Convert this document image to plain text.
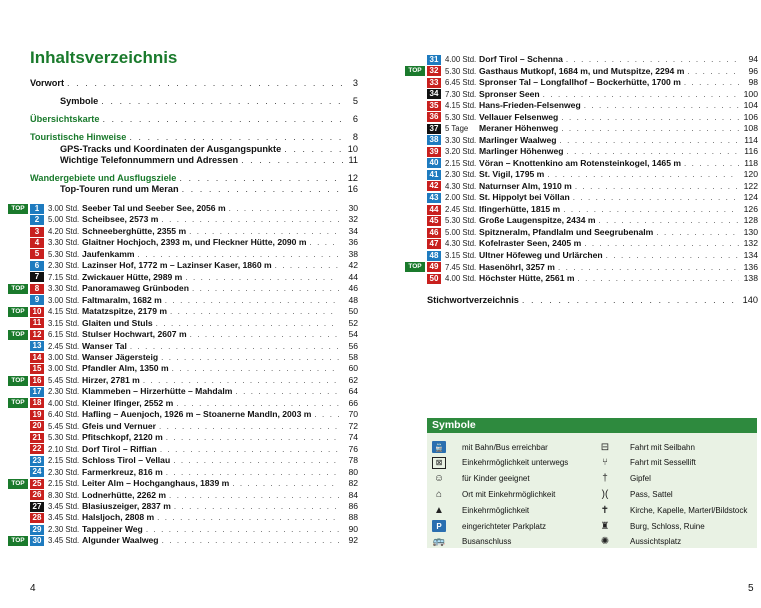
Inhaltsverzeichnis
Vorwort . . .	3
Symbole . . .	5
Übersichtskarte . . .	6
Touristische Hinweise . . .	8
GPS-Tracks und Koordinaten der Ausgangspunkte . . .	10
Wichtige Telefonnummern und Adressen . . .	11
Wandergebiete und Ausflugsziele . . .	12
Top-Touren rund um Meran . . .	16
TOP	1	3.00 Std. Seeber Tal und Seeber See, 2056 m . . .	30
2	5.00 Std. Scheibsee, 2573 m . . .	32
3	4.20 Std. Schneeberghütte, 2355 m . . .	34
4	3.30 Std. Glaitner Hochjoch, 2393 m, und Fleckner Hütte, 2090 m . . .	36
5	5.30 Std. Jaufenkamm . . .	38
6	2.30 Std. Lazinser Hof, 1772 m – Lazinser Kaser, 1860 m . . .	42
7	7.15 Std. Zwickauer Hütte, 2989 m . . .	44
TOP	8	3.30 Std. Panoramaweg Grünboden . . .	46
9	3.00 Std. Faltmaralm, 1682 m . . .	48
TOP 10 4.15 Std. Matatzspitze, 2179 m . . .	50
11 3.15 Std. Glaiten und Stuls . . .	52
TOP 12 6.15 Std. Stulser Hochwart, 2607 m . . .	54
13 2.45 Std. Wanser Tal . . .	56
14 3.00 Std. Wanser Jägersteig . . .	58
15 3.00 Std. Pfandler Alm, 1350 m . . .	60
TOP 16 5.45 Std. Hirzer, 2781 m . . .	62
17 2.30 Std. Klammeben – Hirzerhütte – Mahdalm . . .	64
TOP 18 4.00 Std. Kleiner Ifinger, 2552 m . . .	66
19 6.40 Std. Hafling – Auenjoch, 1926 m – Stoanerne Mandln, 2003 m . . .	70
20 5.45 Std. Gfeis und Vernuer . . .	72
21 5.30 Std. Pfitschkopf, 2120 m . . .	74
22 2.10 Std. Dorf Tirol – Riffian . . .	76
23 2.15 Std. Schloss Tirol – Vellau . . .	78
24 2.30 Std. Farmerkreuz, 816 m . . .	80
TOP 25 2.15 Std. Leiter Alm – Hochganghaus, 1839 m . . .	82
26 8.30 Std. Lodnerhütte, 2262 m . . .	84
27 3.45 Std. Blasiuszeiger, 2837 m . . .	86
28 3.45 Std. Halsljoch, 2808 m . . .	88
29 2.30 Std. Tappeiner Weg . . .	90
TOP 30 3.45 Std. Algunder Waalweg . . .	92
4
31 4.00 Std. Dorf Tirol – Schenna . . .	94
TOP 32 5.30 Std. Gasthaus Mutkopf, 1684 m, und Mutspitze, 2294 m . . .	96
33 6.45 Std. Spronser Tal – Longfallhof – Bockerhütte, 1700 m . . .	98
34 7.30 Std. Spronser Seen . . .	100
35 4.15 Std. Hans-Frieden-Felsenweg . . .	104
36 5.30 Std. Vellauer Felsenweg . . .	106
37 5 Tage	Meraner Höhenweg . . .	108
38 3.30 Std. Marlinger Waalweg . . .	114
39 3.20 Std. Marlinger Höhenweg . . .	116
40 2.15 Std. Vöran – Knottenkino am Rotensteinkogel, 1465 m . . .	118
41 2.30 Std. St. Vigil, 1795 m . . .	120
42 4.30 Std. Naturnser Alm, 1910 m . . .	122
43 2.00 Std. St. Hippolyt bei Völlan . . .	124
44 2.45 Std. Ifingerhütte, 1815 m . . .	126
45 5.30 Std. Große Laugenspitze, 2434 m . . .	128
46 5.00 Std. Spitzneralm, Pfandlalm und Seegrubenalm . . .	130
47 4.30 Std. Kofelraster Seen, 2405 m . . .	132
48 3.15 Std. Ultner Höfeweg und Urlärchen . . .	134
TOP 49 7.45 Std. Hasenöhrl, 3257 m . . .	136
50 4.00 Std. Höchster Hütte, 2561 m . . .	138
Stichwortverzeichnis . . .	140
Symbole
🚆 mit Bahn/Bus erreichbar
⊠	Einkehrmöglichkeit unterwegs
☺ für Kinder geeignet
⌂	Ort mit Einkehrmöglichkeit
▲ Einkehrmöglichkeit
P	eingerichteter Parkplatz
🚌 Busanschluss
⊟	Fahrt mit Seilbahn
⑂	Fahrt mit Sessellift
†	Gipfel
)(	Pass, Sattel
✝	Kirche, Kapelle, Marterl/Bildstock
♜	Burg, Schloss, Ruine
✺	Aussichtsplatz
5
